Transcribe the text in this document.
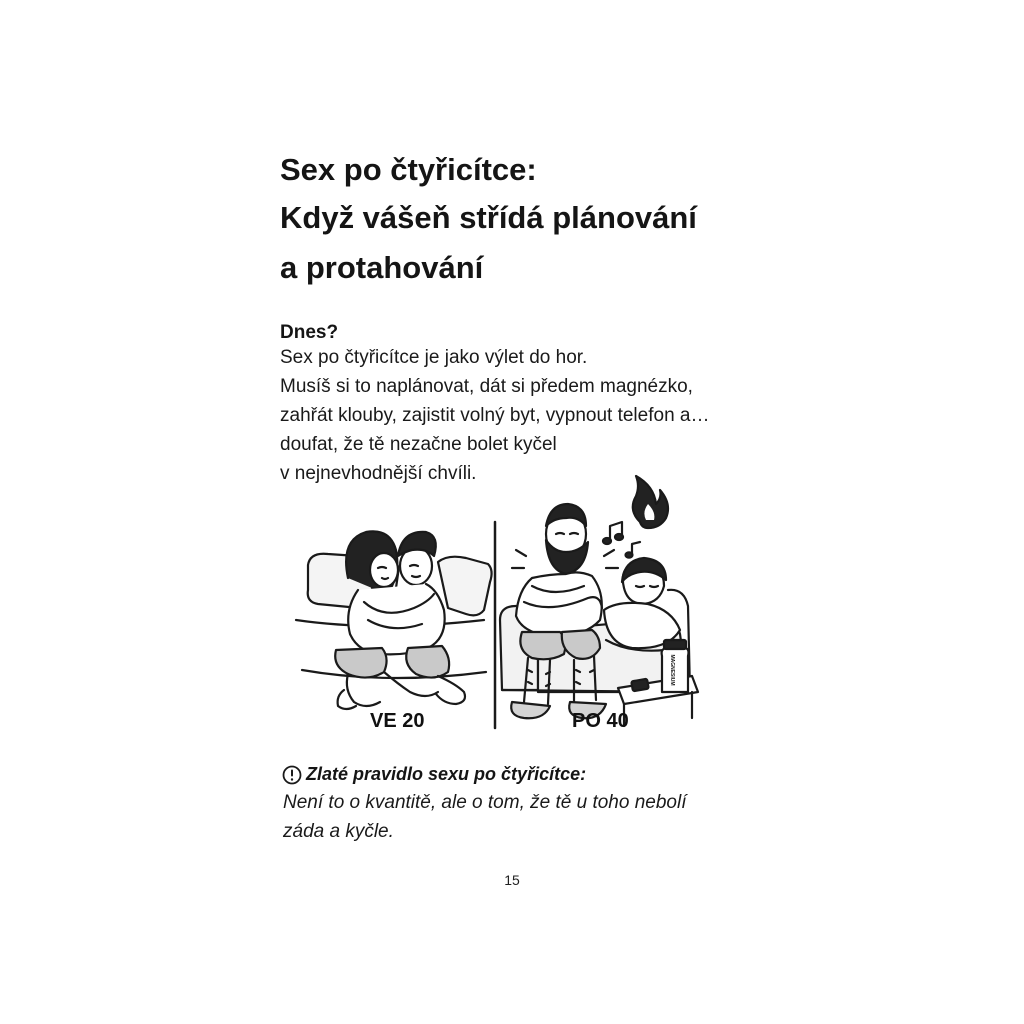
Sex po čtyřicítce:
Když vášeň střídá plánování
a protahování
Dnes?
Sex po čtyřicítce je jako výlet do hor.
Musíš si to naplánovat, dát si předem magnézko,
zahřát klouby, zajistit volný byt, vypnout telefon a…
doufat, že tě nezačne bolet kyčel
v nejnevhodnější chvíli.
VE 20	PO 40
MAGNESIUM
Zlaté pravidlo sexu po čtyřicítce:
Není to o kvantitě, ale o tom, že tě u toho nebolí
záda a kyčle.
15
